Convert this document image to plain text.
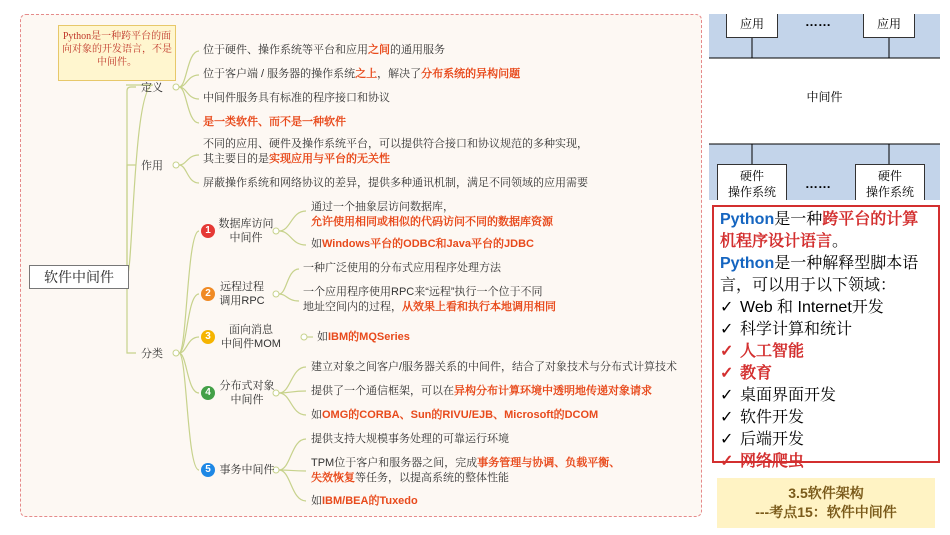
Python是一种跨平台的面向对象的开发语言，不是中间件。
软件中间件
定义
作用
分类
位于硬件、操作系统等平台和应用之间的通用服务
位于客户端 / 服务器的操作系统之上，解决了分布系统的异构问题
中间件服务具有标准的程序接口和协议
是一类软件、而不是一种软件
不同的应用、硬件及操作系统平台，可以提供符合接口和协议规范的多种实现，
其主要目的是实现应用与平台的无关性
屏蔽操作系统和网络协议的差异，提供多种通讯机制，满足不同领域的应用需要
1
数据库访问
中间件
通过一个抽象层访问数据库，
允许使用相同或相似的代码访问不同的数据库资源
如Windows平台的ODBC和Java平台的JDBC
2
远程过程
调用RPC
一种广泛使用的分布式应用程序处理方法
一个应用程序使用RPC来“远程”执行一个位于不同
地址空间内的过程，从效果上看和执行本地调用相同
3
面向消息
中间件MOM
如IBM的MQSeries
4
分布式对象
中间件
建立对象之间客户/服务器关系的中间件，结合了对象技术与分布式计算技术
提供了一个通信框架，可以在异构分布计算环境中透明地传递对象请求
如OMG的CORBA、Sun的RIVU/EJB、Microsoft的DCOM
5 事务中间件
提供支持大规模事务处理的可靠运行环境
TPM位于客户和服务器之间，完成事务管理与协调、负载平衡、
失效恢复等任务，以提高系统的整体性能
如IBM/BEA的Tuxedo
应用	应用
……
中间件
硬件
操作系统
硬件
操作系统
……
Python是一种跨平台的计算机程序设计语言。
Python是一种解释型脚本语言，可以用于以下领域：
✓ Web 和 Internet开发
✓ 科学计算和统计
✓ 人工智能
✓ 教育
✓ 桌面界面开发
✓ 软件开发
✓ 后端开发
✓ 网络爬虫
3.5软件架构
---考点15：软件中间件
